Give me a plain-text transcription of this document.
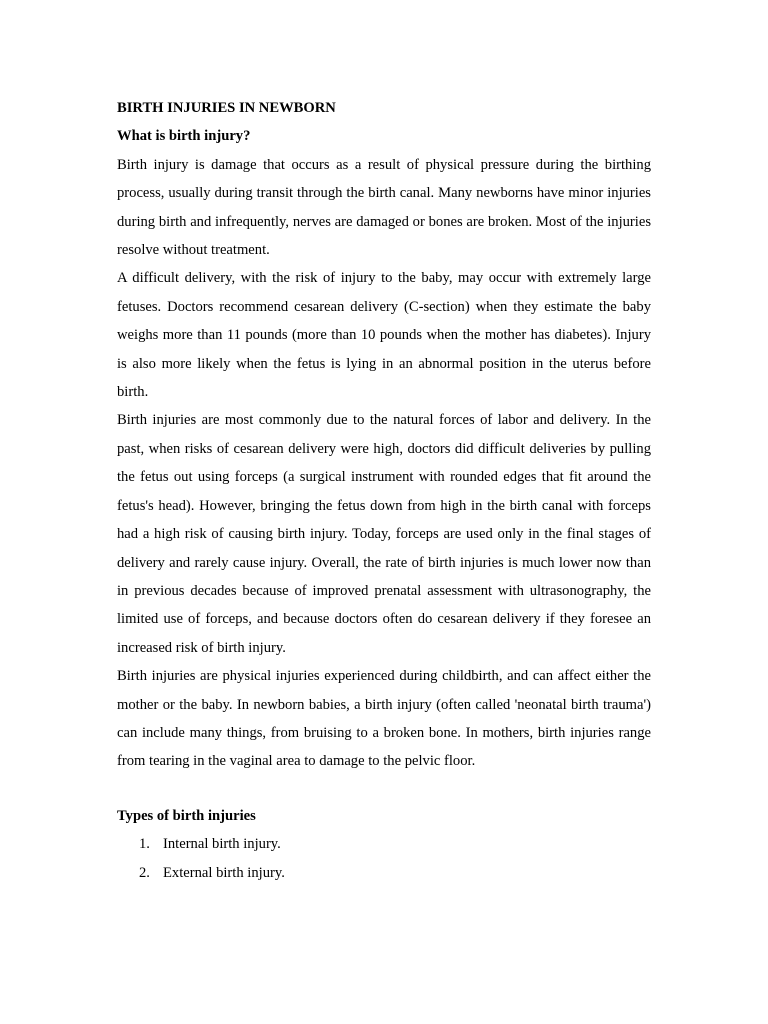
BIRTH INJURIES IN NEWBORN
What is birth injury?

Birth injury is damage that occurs as a result of physical pressure during the birthing process, usually during transit through the birth canal. Many newborns have minor injuries during birth and infrequently, nerves are damaged or bones are broken. Most of the injuries resolve without treatment.

A difficult delivery, with the risk of injury to the baby, may occur with extremely large fetuses. Doctors recommend cesarean delivery (C-section) when they estimate the baby weighs more than 11 pounds (more than 10 pounds when the mother has diabetes). Injury is also more likely when the fetus is lying in an abnormal position in the uterus before birth.

Birth injuries are most commonly due to the natural forces of labor and delivery. In the past, when risks of cesarean delivery were high, doctors did difficult deliveries by pulling the fetus out using forceps (a surgical instrument with rounded edges that fit around the fetus's head). However, bringing the fetus down from high in the birth canal with forceps had a high risk of causing birth injury. Today, forceps are used only in the final stages of delivery and rarely cause injury. Overall, the rate of birth injuries is much lower now than in previous decades because of improved prenatal assessment with ultrasonography, the limited use of forceps, and because doctors often do cesarean delivery if they foresee an increased risk of birth injury.

Birth injuries are physical injuries experienced during childbirth, and can affect either the mother or the baby. In newborn babies, a birth injury (often called 'neonatal birth trauma') can include many things, from bruising to a broken bone. In mothers, birth injuries range from tearing in the vaginal area to damage to the pelvic floor.

Types of birth injuries
1. Internal birth injury.
2. External birth injury.
